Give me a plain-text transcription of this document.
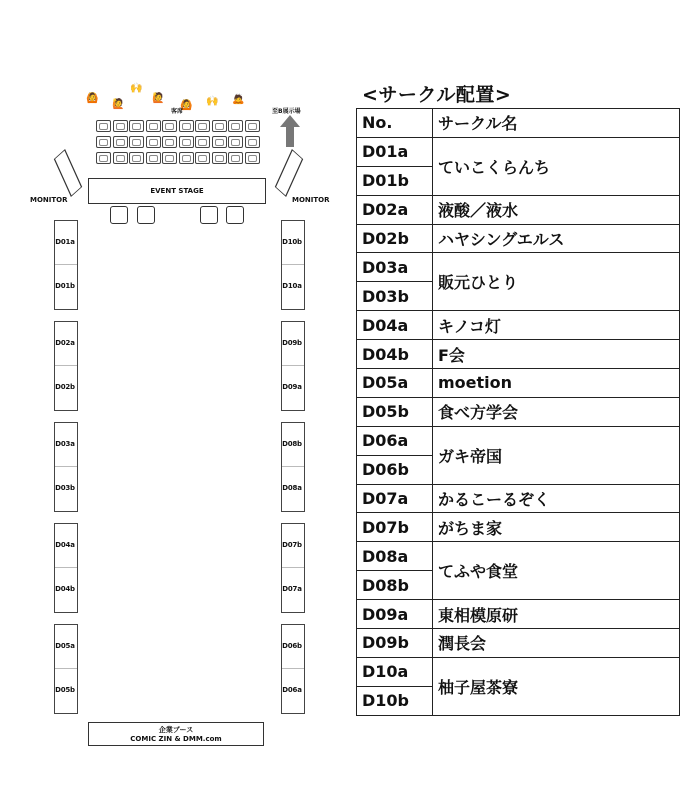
🙆
🙋
🙌
🙋
🙆 🙌 🙇
客席	至B展示場
MONITOR	MONITOR
EVENT STAGE
D01a
D01b
D02a
D02b
D03a
D03b
D04a
D04b
D05a
D05b
D10b
D10a
D09b
D09a
D08b
D08a
D07b
D07a
D06b
D06a
企業ブース
COMIC ZIN & DMM.com
<サークル配置>
No.	サークル名
D01a	ていこくらんち
D01b	
D02a	液酸／液水
D02b	ハヤシングエルス
D03a	販元ひとり
D03b	
D04a	キノコ灯
D04b	F会
D05a	moetion
D05b	食べ方学会
D06a	ガキ帝国
D06b	
D07a	かるこーるぞく
D07b	がちま家
D08a	てふや食堂
D08b	
D09a	東相模原研
D09b	潤長会
D10a	柚子屋茶寮
D10b	
